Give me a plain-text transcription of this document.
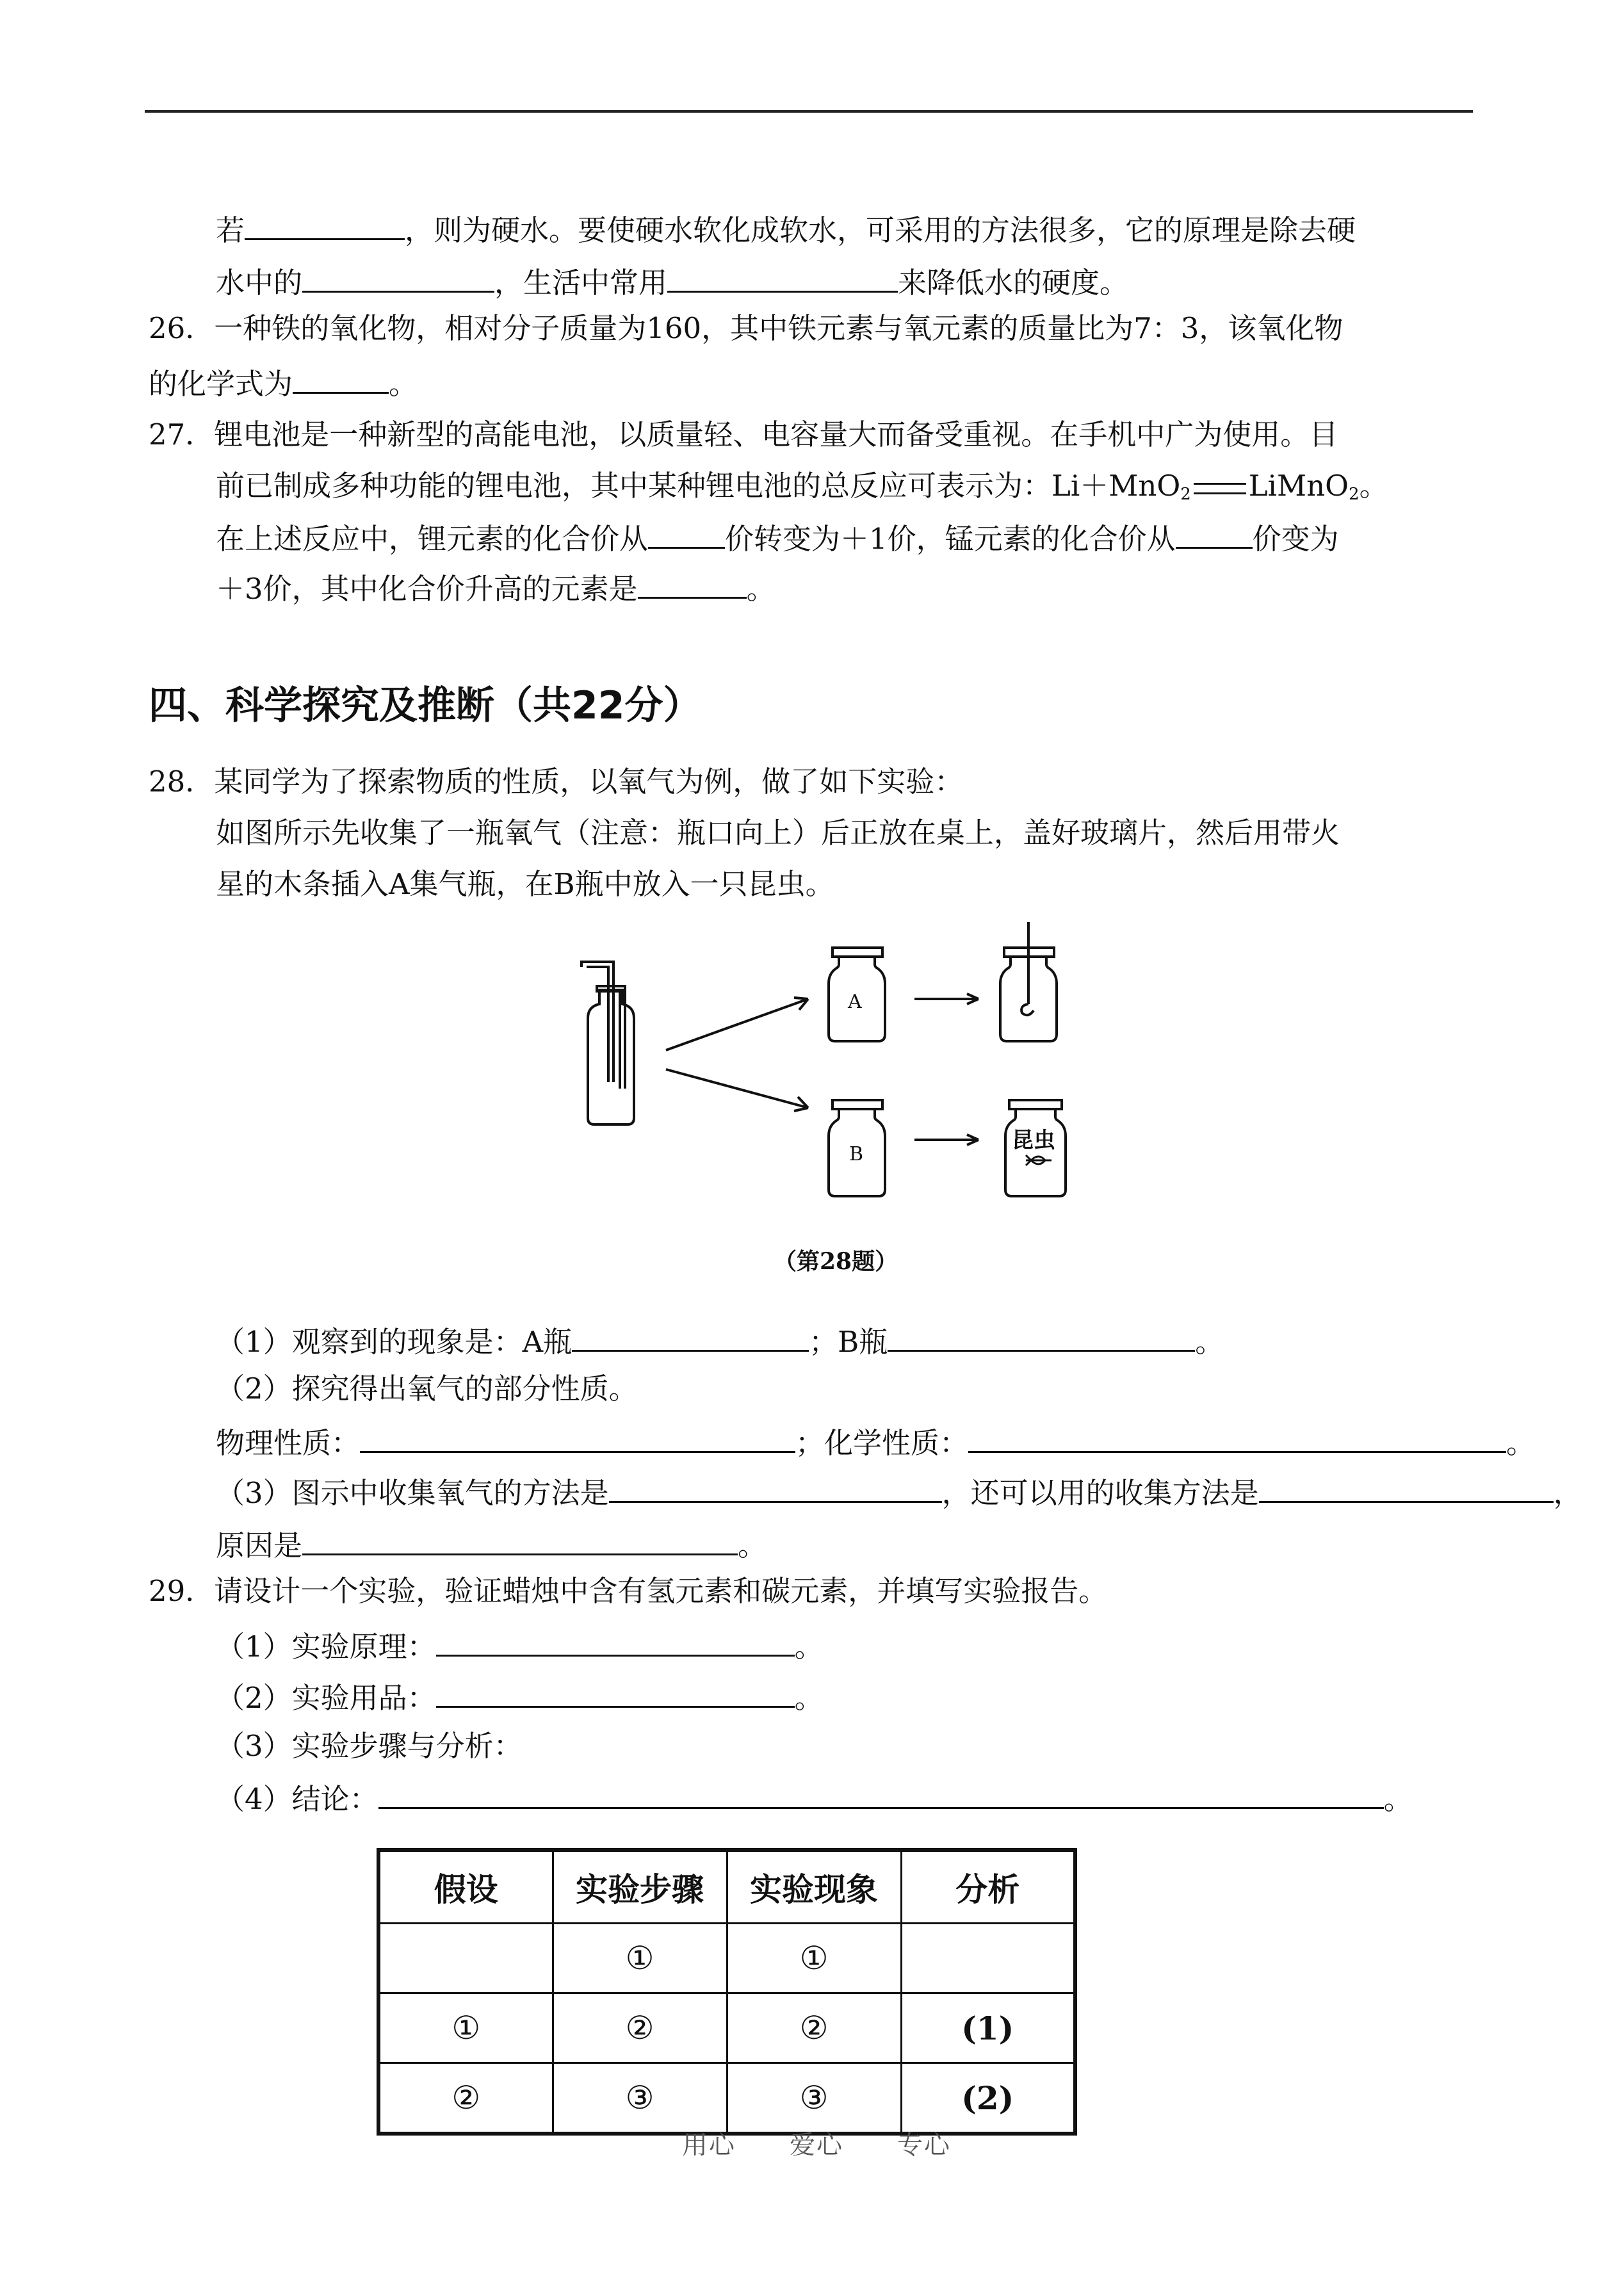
若	，则为硬水。要使硬水软化成软水，可采用的方法很多，它的原理是除去硬
水中的	，生活中常用	来降低水的硬度。
26．一种铁的氧化物，相对分子质量为160，其中铁元素与氧元素的质量比为7：3，该氧化物
的化学式为	。
27．锂电池是一种新型的高能电池，以质量轻、电容量大而备受重视。在手机中广为使用。目
前已制成多种功能的锂电池，其中某种锂电池的总反应可表示为：Li＋MnO$_2$ LiMnO$_2$。
在上述反应中，锂元素的化合价从	价转变为＋1价，锰元素的化合价从	价变为
＋3价，其中化合价升高的元素是	。
四、科学探究及推断（共22分）
28．某同学为了探索物质的性质，以氧气为例，做了如下实验：
如图所示先收集了一瓶氧气（注意：瓶口向上）后正放在桌上，盖好玻璃片，然后用带火
星的木条插入A集气瓶，在B瓶中放入一只昆虫。
A
B
昆虫
（第28题）
（1）观察到的现象是：A瓶	；B瓶	。
（2）探究得出氧气的部分性质。
物理性质：	；化学性质：	。
（3）图示中收集氧气的方法是	，还可以用的收集方法是	，
原因是	。
29．请设计一个实验，验证蜡烛中含有氢元素和碳元素，并填写实验报告。
（1）实验原理：	。
（2）实验用品：	。
（3）实验步骤与分析：
（4）结论：	。
假设	实验步骤	实验现象	分析
	①	①	
①	②	②	(1)
②	③	③	(2)
用心　　爱心　　专心
